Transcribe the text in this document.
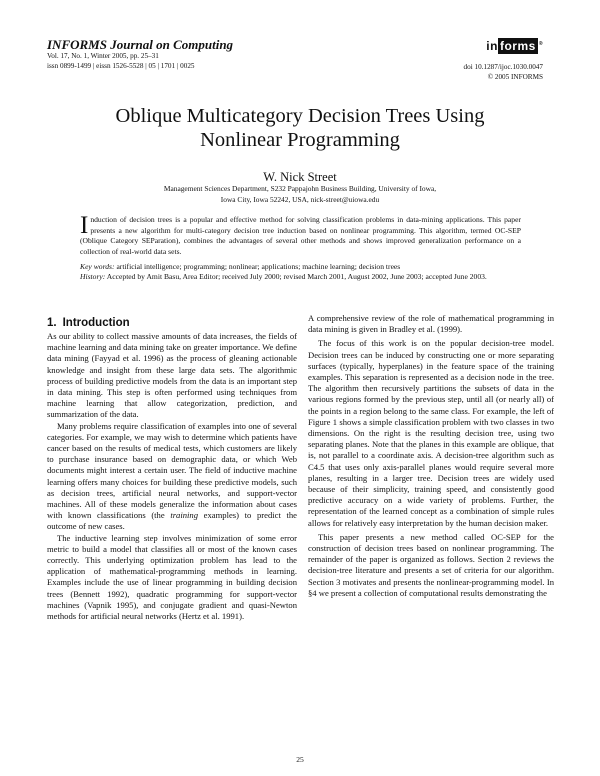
INFORMS Journal on Computing

Vol. 17, No. 1, Winter 2005, pp. 25–31
issn 0899-1499 | eissn 1526-5528 | 05 | 1701 | 0025
in forms ®
doi 10.1287/ijoc.1030.0047
© 2005 INFORMS
Oblique Multicategory Decision Trees Using
Nonlinear Programming
W. Nick Street
Management Sciences Department, S232 Pappajohn Business Building, University of Iowa,
Iowa City, Iowa 52242, USA, nick-street@uiowa.edu

Induction of decision trees is a popular and effective method for solving classification problems in data-mining applications. This paper presents a new algorithm for multi-category decision tree induction based on nonlinear programming. This algorithm, termed OC-SEP (Oblique Category SEParation), combines the advantages of several other methods and shows improved generalization performance on a collection of real-world data sets.

Key words: artificial intelligence; programming; nonlinear; applications; machine learning; decision trees
History: Accepted by Amit Basu, Area Editor; received July 2000; revised March 2001, August 2002, June 2003; accepted June 2003.
1. Introduction

As our ability to collect massive amounts of data increases, the fields of machine learning and data mining take on greater importance. We define data mining (Fayyad et al. 1996) as the process of gleaning actionable knowledge and insight from these large data sets. The algorithmic process of building predictive models from the data is an important step in data mining. This step is often performed using techniques from machine learning that allow categorization, prediction, and summarization of the data.

Many problems require classification of examples into one of several categories. For example, we may wish to determine which patients have cancer based on the results of medical tests, which customers are likely to purchase insurance based on demographic data, or which Web documents might interest a certain user. The field of inductive machine learning offers many choices for building these predictive models, such as decision trees, artificial neural networks, and support-vector machines. All of these models generalize the information about cases with known classifications (the training examples) to predict the outcome of new cases.

The inductive learning step involves minimization of some error metric to build a model that classifies all or most of the known cases correctly. This underlying optimization problem has lead to the application of mathematical-programming methods in learning. Examples include the use of linear programming in building decision trees (Bennett 1992), quadratic programming for support-vector machines (Vapnik 1995), and conjugate gradient and quasi-Newton methods for artificial neural networks (Hertz et al. 1991).

A comprehensive review of the role of mathematical programming in data mining is given in Bradley et al. (1999).

The focus of this work is on the popular decision-tree model. Decision trees can be induced by constructing one or more separating surfaces (typically, hyperplanes) in the feature space of the training examples. This separation is represented as a decision node in the tree. The algorithm then recursively partitions the subsets of data in the various regions formed by the previous step, until all (or nearly all) of the points in a region belong to the same class. For example, the left of Figure 1 shows a simple classification problem with two classes in two dimensions. On the right is the resulting decision tree, using two separating planes. Note that the planes in this example are oblique, that is, not parallel to a coordinate axis. A decision-tree algorithm such as C4.5 that uses only axis-parallel planes would require several more planes, resulting in a larger tree. Decision trees are widely used because of their simplicity, training speed, and consistently good predictive accuracy on a wide variety of problems. Further, the representation of the learned concept as a combination of simple rules allows for relatively easy interpretation by the human decision maker.

This paper presents a new method called OC-SEP for the construction of decision trees based on nonlinear programming. The remainder of the paper is organized as follows. Section 2 reviews the decision-tree literature and presents a set of criteria for our algorithm. Section 3 motivates and presents the nonlinear-programming model. In §4 we present a collection of computational results demonstrating the

25
